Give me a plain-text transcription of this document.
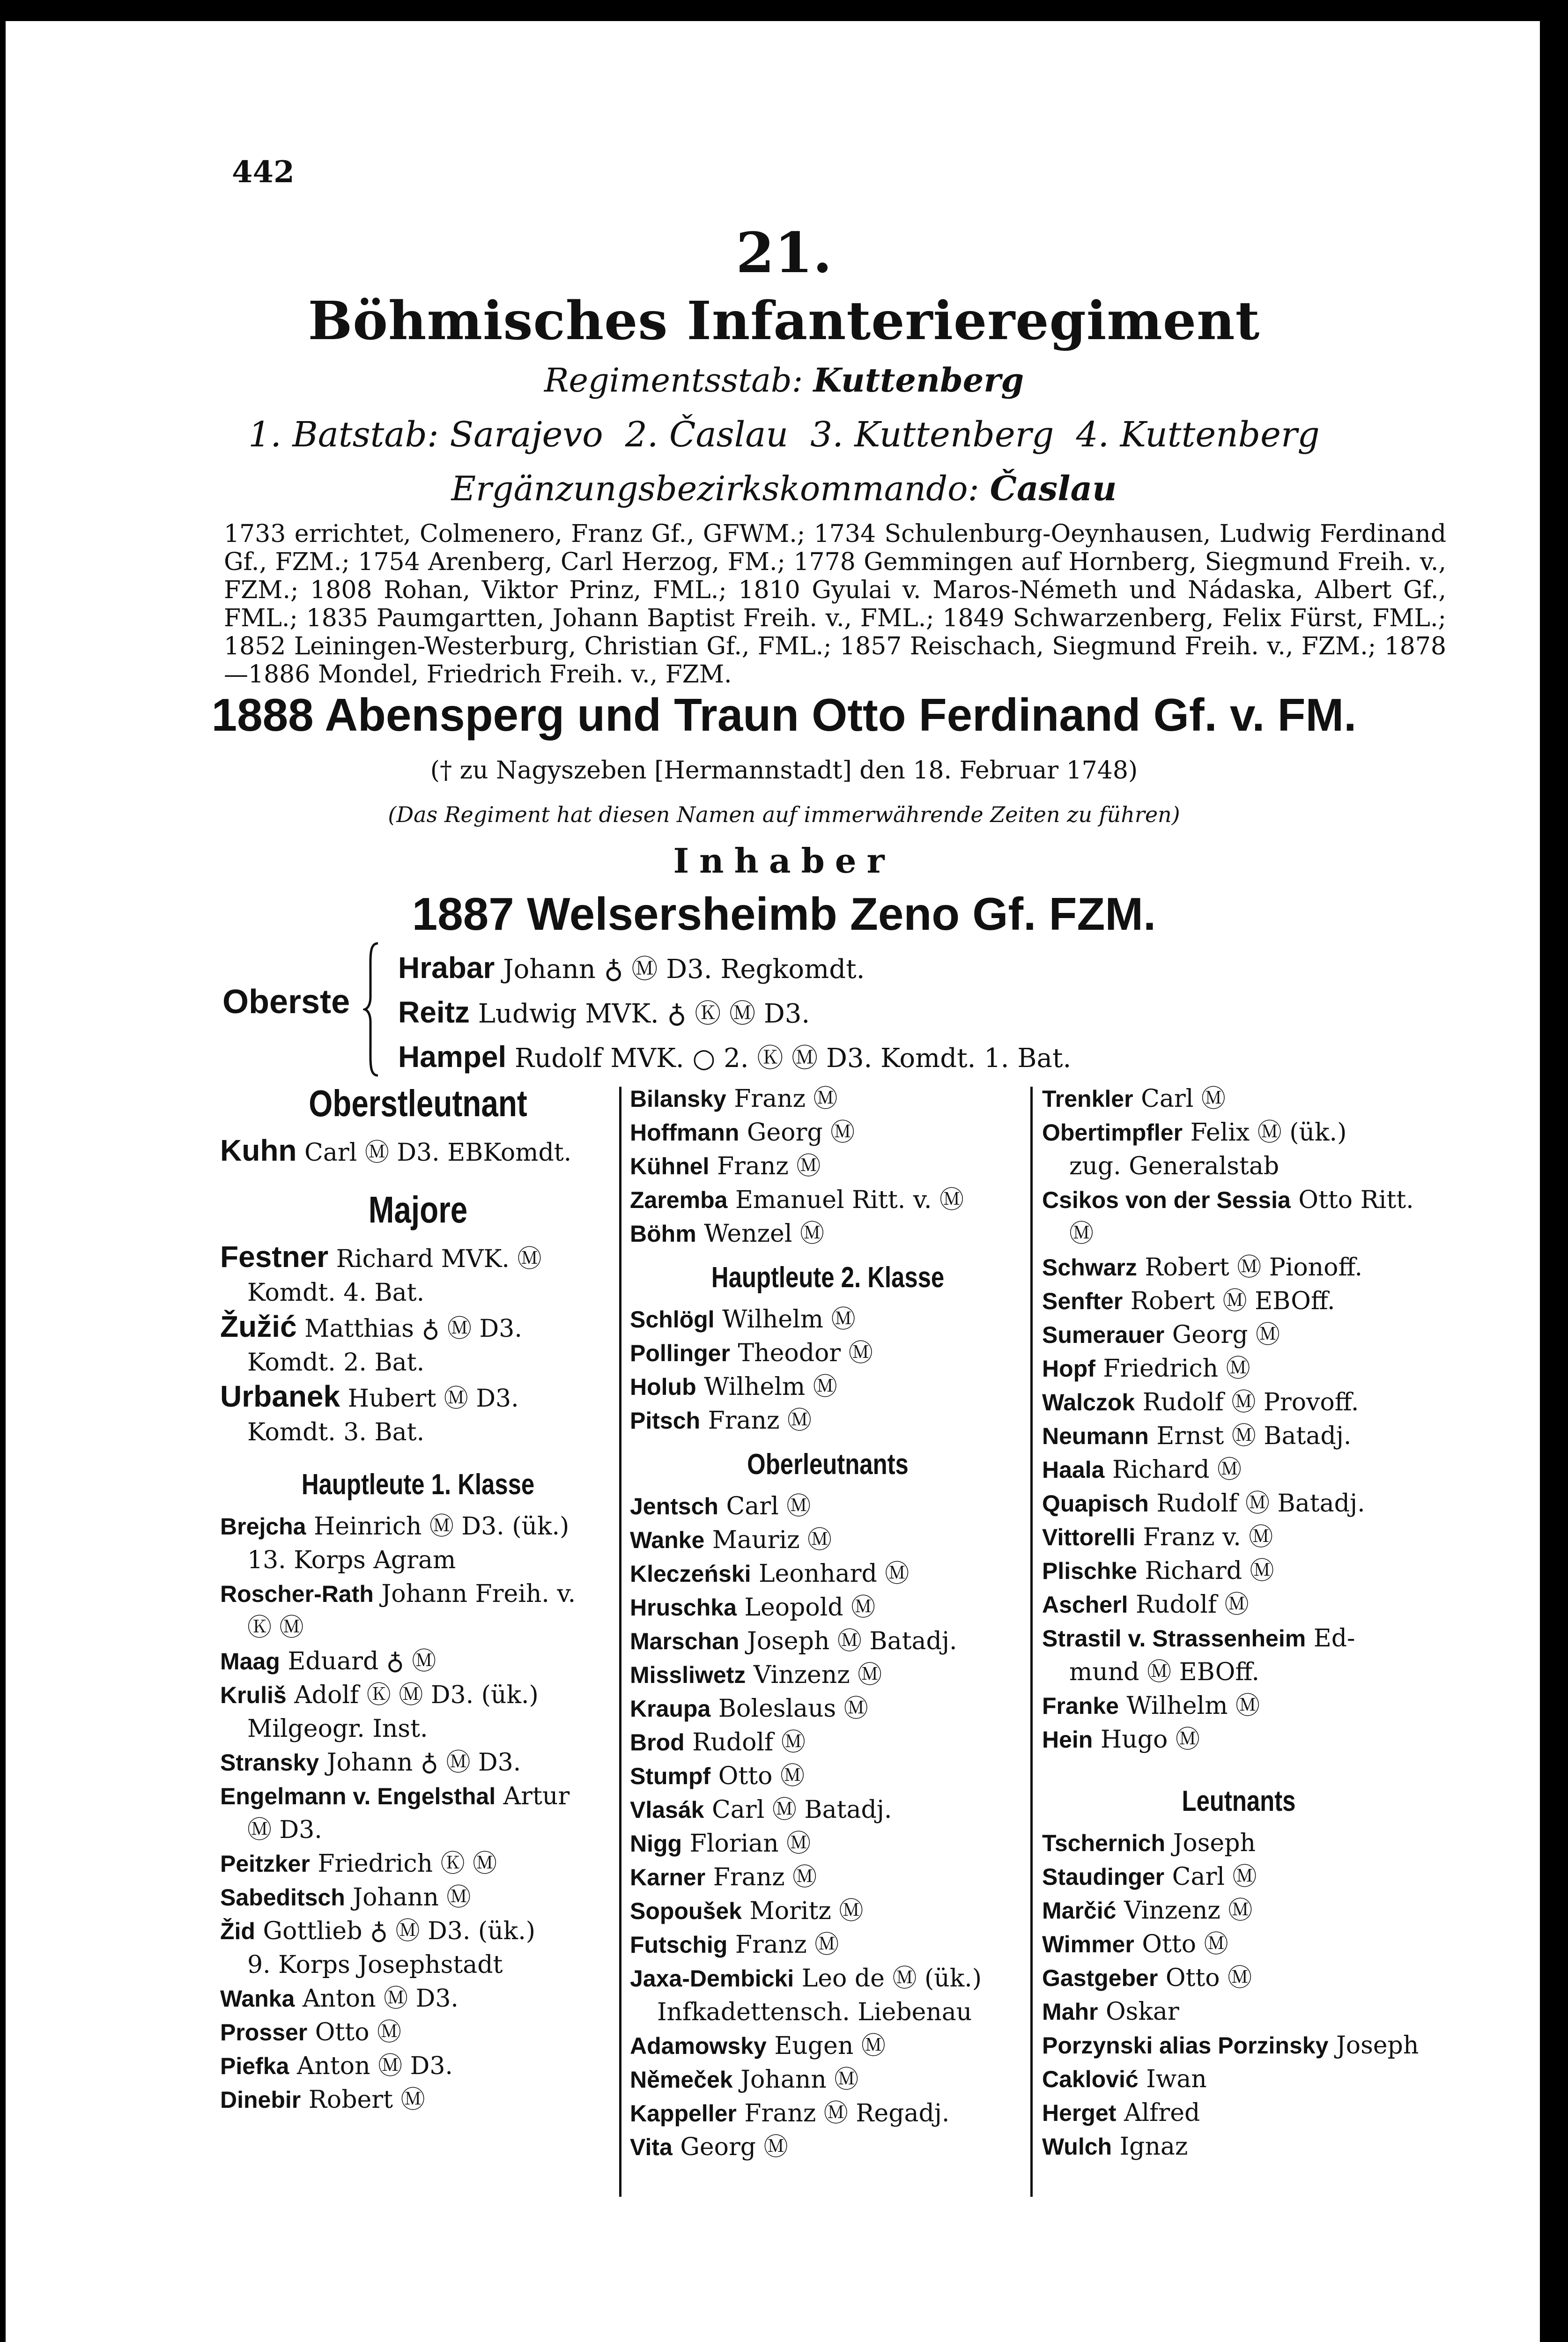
442
21.
Böhmisches Infanterieregiment
Regimentsstab: Kuttenberg
1. Batstab: Sarajevo 2. Časlau 3. Kuttenberg 4. Kuttenberg
Ergänzungsbezirkskommando: Časlau
1733 errichtet, Colmenero, Franz Gf., GFWM.; 1734 Schulenburg-Oeynhausen, Ludwig Ferdinand Gf., FZM.; 1754 Arenberg, Carl Herzog, FM.; 1778 Gemmingen auf Hornberg, Siegmund Freih. v., FZM.; 1808 Rohan, Viktor Prinz, FML.; 1810 Gyulai v. Maros-Németh und Nádaska, Albert Gf., FML.; 1835 Paumgartten, Johann Baptist Freih. v., FML.; 1849 Schwarzenberg, Felix Fürst, FML.; 1852 Leiningen-Westerburg, Christian Gf., FML.; 1857 Reischach, Siegmund Freih. v., FZM.; 1878—1886 Mondel, Friedrich Freih. v., FZM.
1888 Abensperg und Traun Otto Ferdinand Gf. v. FM.
(† zu Nagyszeben [Hermannstadt] den 18. Februar 1748)
(Das Regiment hat diesen Namen auf immerwährende Zeiten zu führen)
Inhaber
1887 Welsersheimb Zeno Gf. FZM.
Oberste
Hrabar Johann ♁ Ⓜ D3. Regkomdt.
Reitz Ludwig MVK. ♁ Ⓚ Ⓜ D3.
Hampel Rudolf MVK. ○ 2. Ⓚ Ⓜ D3. Komdt. 1. Bat.
Oberstleutnant
Kuhn Carl Ⓜ D3. EBKomdt.
Majore
Festner Richard MVK. Ⓜ
Komdt. 4. Bat.
Žužić Matthias ♁ Ⓜ D3.
Komdt. 2. Bat.
Urbanek Hubert Ⓜ D3.
Komdt. 3. Bat.
Hauptleute 1. Klasse
Brejcha Heinrich Ⓜ D3. (ük.)
13. Korps Agram
Roscher-Rath Johann Freih. v.
Ⓚ Ⓜ
Maag Eduard ♁ Ⓜ
Kruliš Adolf Ⓚ Ⓜ D3. (ük.)
Milgeogr. Inst.
Stransky Johann ♁ Ⓜ D3.
Engelmann v. Engelsthal Artur
Ⓜ D3.
Peitzker Friedrich Ⓚ Ⓜ
Sabeditsch Johann Ⓜ
Žid Gottlieb ♁ Ⓜ D3. (ük.)
9. Korps Josephstadt
Wanka Anton Ⓜ D3.
Prosser Otto Ⓜ
Piefka Anton Ⓜ D3.
Dinebir Robert Ⓜ
Bilansky Franz Ⓜ
Hoffmann Georg Ⓜ
Kühnel Franz Ⓜ
Zaremba Emanuel Ritt. v. Ⓜ
Böhm Wenzel Ⓜ
Hauptleute 2. Klasse
Schlögl Wilhelm Ⓜ
Pollinger Theodor Ⓜ
Holub Wilhelm Ⓜ
Pitsch Franz Ⓜ
Oberleutnants
Jentsch Carl Ⓜ
Wanke Mauriz Ⓜ
Kleczeński Leonhard Ⓜ
Hruschka Leopold Ⓜ
Marschan Joseph Ⓜ Batadj.
Missliwetz Vinzenz Ⓜ
Kraupa Boleslaus Ⓜ
Brod Rudolf Ⓜ
Stumpf Otto Ⓜ
Vlasák Carl Ⓜ Batadj.
Nigg Florian Ⓜ
Karner Franz Ⓜ
Sopoušek Moritz Ⓜ
Futschig Franz Ⓜ
Jaxa-Dembicki Leo de Ⓜ (ük.)
Infkadettensch. Liebenau
Adamowsky Eugen Ⓜ
Němeček Johann Ⓜ
Kappeller Franz Ⓜ Regadj.
Vita Georg Ⓜ
Trenkler Carl Ⓜ
Obertimpfler Felix Ⓜ (ük.)
zug. Generalstab
Csikos von der Sessia Otto Ritt.
Ⓜ
Schwarz Robert Ⓜ Pionoff.
Senfter Robert Ⓜ EBOff.
Sumerauer Georg Ⓜ
Hopf Friedrich Ⓜ
Walczok Rudolf Ⓜ Provoff.
Neumann Ernst Ⓜ Batadj.
Haala Richard Ⓜ
Quapisch Rudolf Ⓜ Batadj.
Vittorelli Franz v. Ⓜ
Plischke Richard Ⓜ
Ascherl Rudolf Ⓜ
Strastil v. Strassenheim Ed-
mund Ⓜ EBOff.
Franke Wilhelm Ⓜ
Hein Hugo Ⓜ
Leutnants
Tschernich Joseph
Staudinger Carl Ⓜ
Marčić Vinzenz Ⓜ
Wimmer Otto Ⓜ
Gastgeber Otto Ⓜ
Mahr Oskar
Porzynski alias Porzinsky Joseph
Caklović Iwan
Herget Alfred
Wulch Ignaz
